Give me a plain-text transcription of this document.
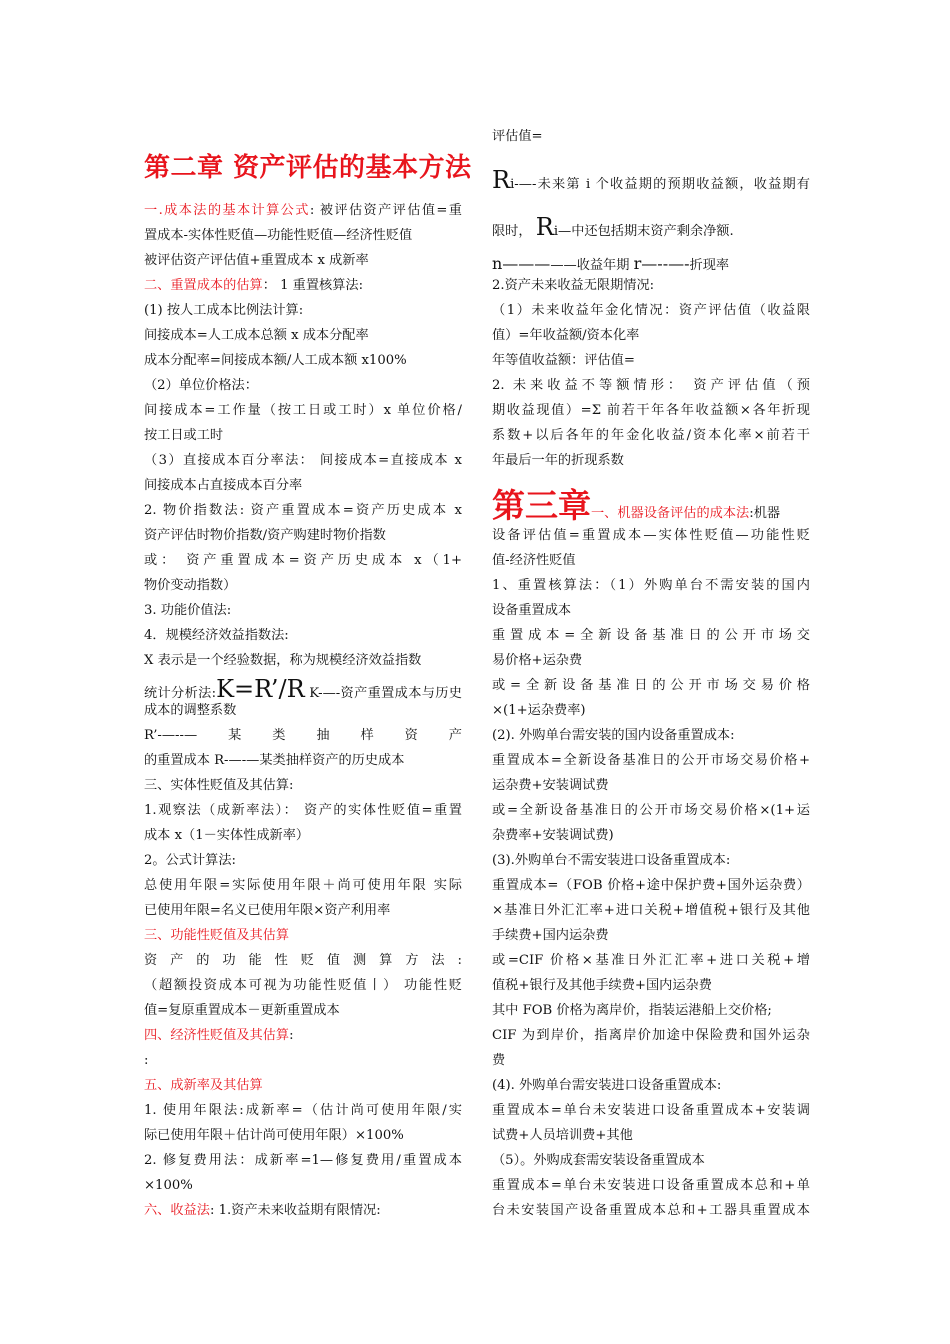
第二章 资产评估的基本方法
一.成本法的基本计算公式: 被评估资产评估值=重
置成本-实体性贬值—功能性贬值—经济性贬值
被评估资产评估值+重置成本 x 成新率
二、重置成本的估算： 1 重置核算法:
(1) 按人工成本比例法计算:
间接成本=人工成本总额 x 成本分配率
成本分配率=间接成本额/人工成本额 x100%
（2）单位价格法：
间接成本=工作量（按工日或工时）x 单位价格/
按工日或工时
（3）直接成本百分率法： 间接成本=直接成本 x
间接成本占直接成本百分率
2. 物价指数法: 资产重置成本=资产历史成本 x
资产评估时物价指数/资产购建时物价指数
或： 资产重置成本=资产历史成本 x（1+
物价变动指数）
3. 功能价值法:
4．规模经济效益指数法:
X 表示是一个经验数据，称为规模经济效益指数
统计分析法:K=R’/R K-—-资产重置成本与历史
成本的调整系数
R’-—--—某类抽样资产
的重置成本 R-—-—某类抽样资产的历史成本
三、实体性贬值及其估算:
1.观察法（成新率法）： 资产的实体性贬值=重置
成本 x（1－实体性成新率）
2。公式计算法:
总使用年限=实际使用年限＋尚可使用年限 实际
已使用年限=名义已使用年限×资产利用率
三、功能性贬值及其估算
资产的功能性贬值测算方法:
（超额投资成本可视为功能性贬值丨） 功能性贬
值=复原重置成本－更新重置成本
四、经济性贬值及其估算:
:
五、成新率及其估算
1. 使用年限法:成新率=（估计尚可使用年限/实
际已使用年限＋估计尚可使用年限）×100%
2. 修复费用法：成新率=1—修复费用/重置成本
×100%
六、收益法: 1.资产未来收益期有限情况:
评估值=
Ri-—-未来第 i 个收益期的预期收益额，收益期有
限时， Ri—中还包括期末资产剩余净额.
n—————收益年期 r—--—-折现率
2.资产未来收益无限期情况:
（1）未来收益年金化情况：资产评估值（收益限
值）=年收益额/资本化率
年等值收益额：评估值=
2. 未来收益不等额情形： 资产评估值（预
期收益现值）=Σ 前若干年各年收益额×各年折现
系数+以后各年的年金化收益/资本化率×前若干
年最后一年的折现系数
第三章一、机器设备评估的成本法:机器
设备评估值=重置成本—实体性贬值—功能性贬
值-经济性贬值
1、重置核算法：（1）外购单台不需安装的国内
设备重置成本
重置成本=全新设备基准日的公开市场交
易价格+运杂费
或=全新设备基准日的公开市场交易价格
×(1+运杂费率)
(2). 外购单台需安装的国内设备重置成本:
重置成本=全新设备基准日的公开市场交易价格+
运杂费+安装调试费
或=全新设备基准日的公开市场交易价格×(1+运
杂费率+安装调试费)
(3).外购单台不需安装进口设备重置成本:
重置成本=（FOB 价格+途中保护费+国外运杂费）
×基准日外汇汇率+进口关税+增值税+银行及其他
手续费+国内运杂费
或=CIF 价格×基准日外汇汇率+进口关税+增
值税+银行及其他手续费+国内运杂费
其中 FOB 价格为离岸价，指装运港船上交价格;
CIF 为到岸价，指离岸价加途中保险费和国外运杂
费
(4). 外购单台需安装进口设备重置成本:
重置成本=单台未安装进口设备重置成本+安装调
试费+人员培训费+其他
（5）。外购成套需安装设备重置成本
重置成本=单台未安装进口设备重置成本总和+单
台未安装国产设备重置成本总和+工器具重置成本
